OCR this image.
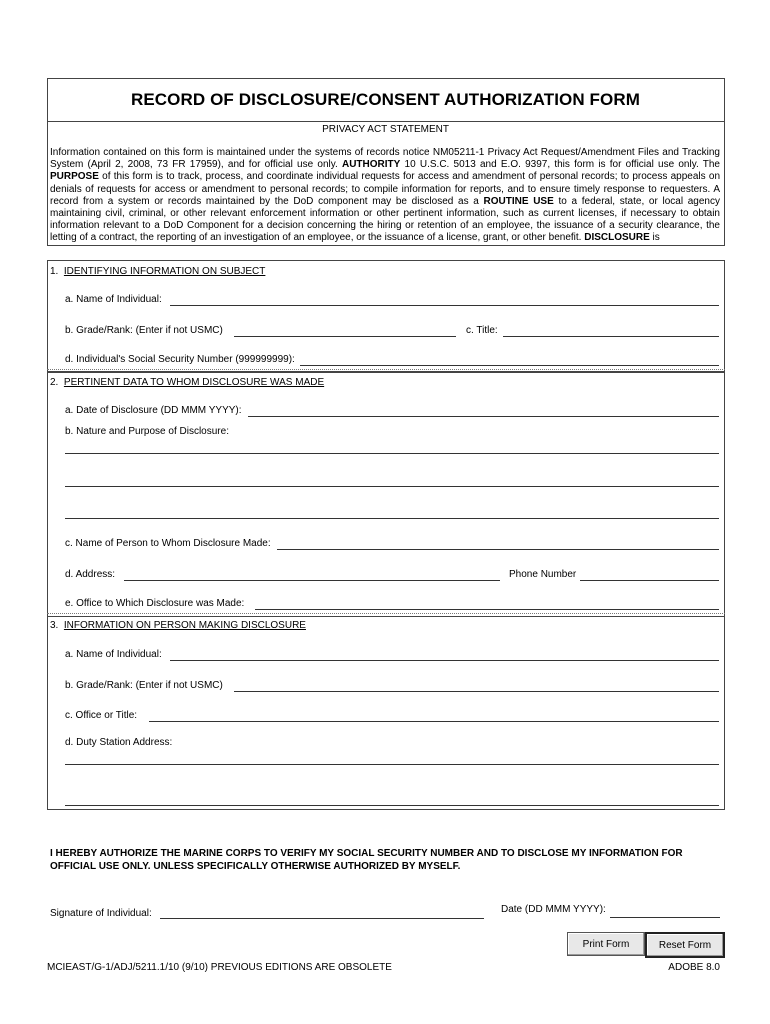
RECORD OF DISCLOSURE/CONSENT AUTHORIZATION FORM
PRIVACY ACT STATEMENT
Information contained on this form is maintained under the systems of records notice NM05211-1 Privacy Act Request/Amendment Files and Tracking System (April 2, 2008, 73 FR 17959), and for official use only. AUTHORITY 10 U.S.C. 5013 and E.O. 9397, this form is for official use only. The PURPOSE of this form is to track, process, and coordinate individual requests for access and amendment of personal records; to process appeals on denials of requests for access or amendment to personal records; to compile information for reports, and to ensure timely response to requesters. A record from a system or records maintained by the DoD component may be disclosed as a ROUTINE USE to a federal, state, or local agency maintaining civil, criminal, or other relevant enforcement information or other pertinent information, such as current licenses, if necessary to obtain information relevant to a DoD Component for a decision concerning the hiring or retention of an employee, the issuance of a security clearance, the letting of a contract, the reporting of an investigation of an employee, or the issuance of a license, grant, or other benefit. DISCLOSURE is
1. IDENTIFYING INFORMATION ON SUBJECT
a. Name of Individual:
b. Grade/Rank: (Enter if not USMC)	c. Title:
d. Individual's Social Security Number (999999999):
2. PERTINENT DATA TO WHOM DISCLOSURE WAS MADE
a. Date of Disclosure (DD MMM YYYY):
b. Nature and Purpose of Disclosure:
c. Name of Person to Whom Disclosure Made:
d. Address:	Phone Number
e. Office to Which Disclosure was Made:
3. INFORMATION ON PERSON MAKING DISCLOSURE
a. Name of Individual:
b. Grade/Rank: (Enter if not USMC)
c. Office or Title:
d. Duty Station Address:
I HEREBY AUTHORIZE THE MARINE CORPS TO VERIFY MY SOCIAL SECURITY NUMBER AND TO DISCLOSE MY INFORMATION FOR OFFICIAL USE ONLY. UNLESS SPECIFICALLY OTHERWISE AUTHORIZED BY MYSELF.
Signature of Individual:	Date (DD MMM YYYY):
Print Form	Reset Form
MCIEAST/G-1/ADJ/5211.1/10 (9/10) PREVIOUS EDITIONS ARE OBSOLETE	ADOBE 8.0
